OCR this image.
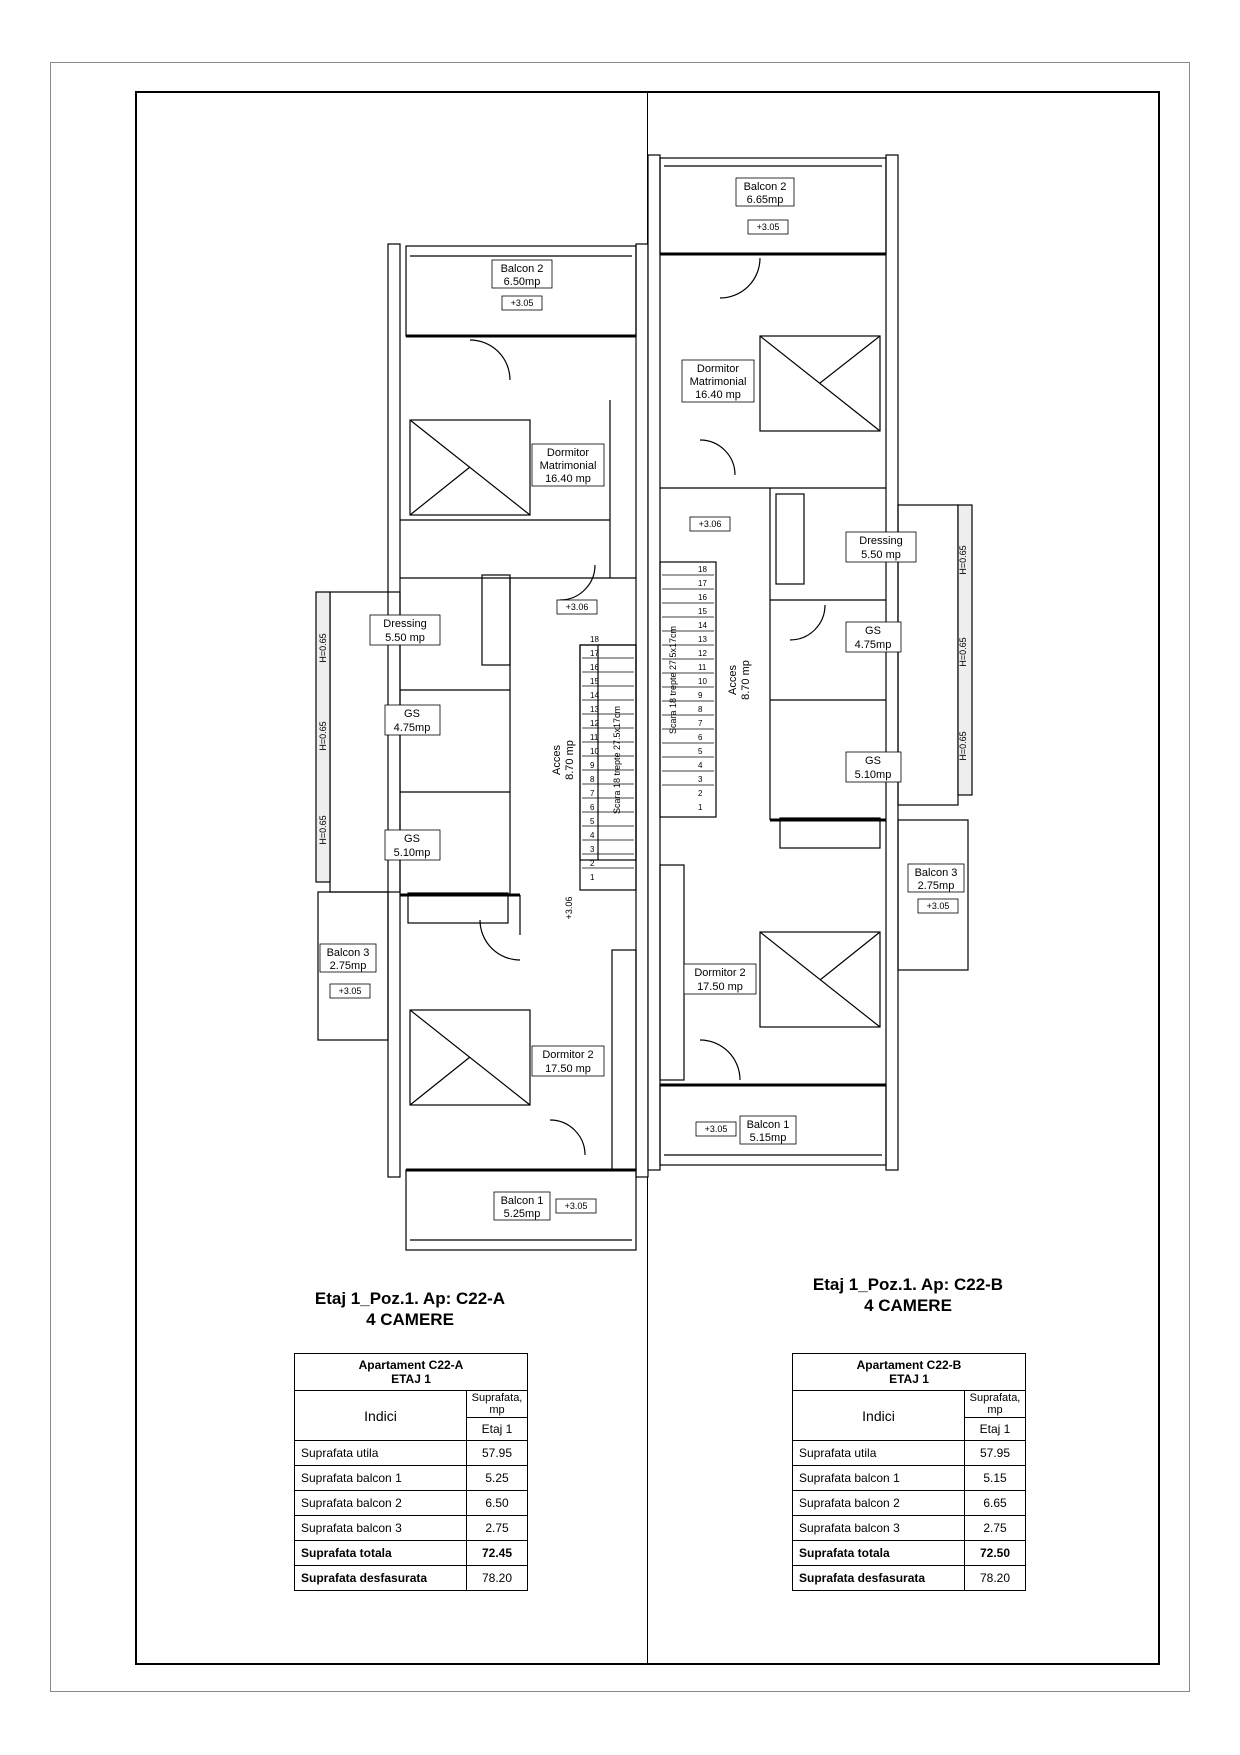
Balcon 2
6.50mp
+3.05
Dormitor
Matrimonial
16.40 mp
Dressing
5.50 mp
GS
4.75mp
GS
5.10mp
+3.06
Acces 8.70 mp	Scara 18 trepte 27.5x17cm
+3.06
Balcon 3
2.75mp
+3.05
Dormitor 2
17.50 mp
Balcon 1
5.25mp
+3.05
H=0.65
H=0.65
H=0.65
18
17
16
15
14
13
12
11
10
9
8
7
6
5
4
3
2
1
Balcon 2
6.65mp
+3.05
Dormitor
Matrimonial
16.40 mp
Dressing
5.50 mp
GS
4.75mp
GS
5.10mp
+3.06
Acces 8.70 mp
Scara 18 trepte 27.5x17cm
Balcon 3
2.75mp
+3.05
Dormitor 2
17.50 mp
Balcon 1
5.15mp
+3.05
H=0.65
H=0.65
H=0.65
18
17
16
15
14
13
12
11
10
9
8
7
6
5
4
3
2
1
Etaj 1_Poz.1. Ap: C22-A
4 CAMERE
Etaj 1_Poz.1. Ap: C22-B
4 CAMERE
Apartament C22-A
ETAJ 1	

Indici	Suprafata, mp
	Etaj 1
Suprafata utila	57.95
Suprafata balcon 1	5.25
Suprafata balcon 2	6.50
Suprafata balcon 3	2.75
Suprafata totala	72.45
Suprafata desfasurata	78.20
Apartament C22-B
ETAJ 1	

Indici	Suprafata, mp
	Etaj 1
Suprafata utila	57.95
Suprafata balcon 1	5.15
Suprafata balcon 2	6.65
Suprafata balcon 3	2.75
Suprafata totala	72.50
Suprafata desfasurata	78.20
